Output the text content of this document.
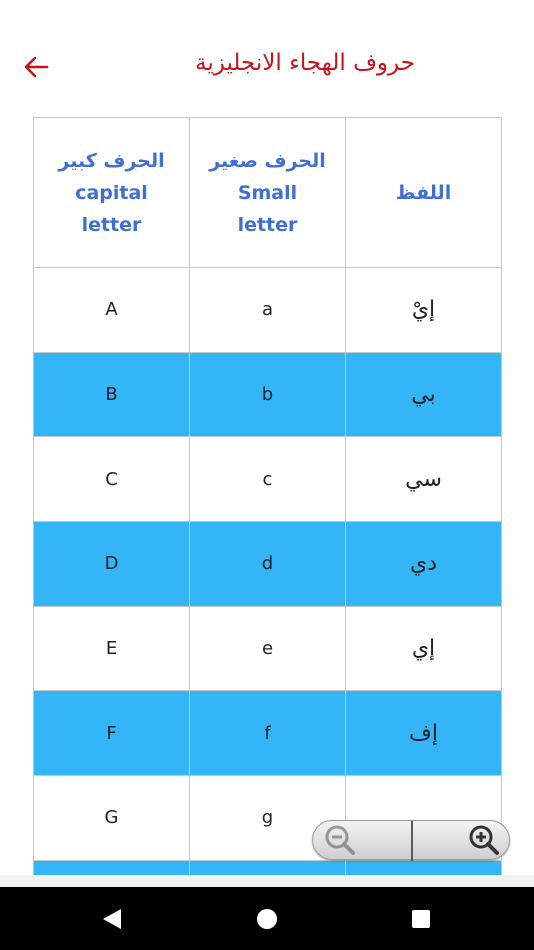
حروف الهجاء الانجليزية
الحرف كبير
capital
letter	الحرف صغير
Small
letter	اللفظ
A	a	إيْ
B	b	بي
C	c	سي
D	d	دي
E	e	إي
F	f	إف
G	g	
